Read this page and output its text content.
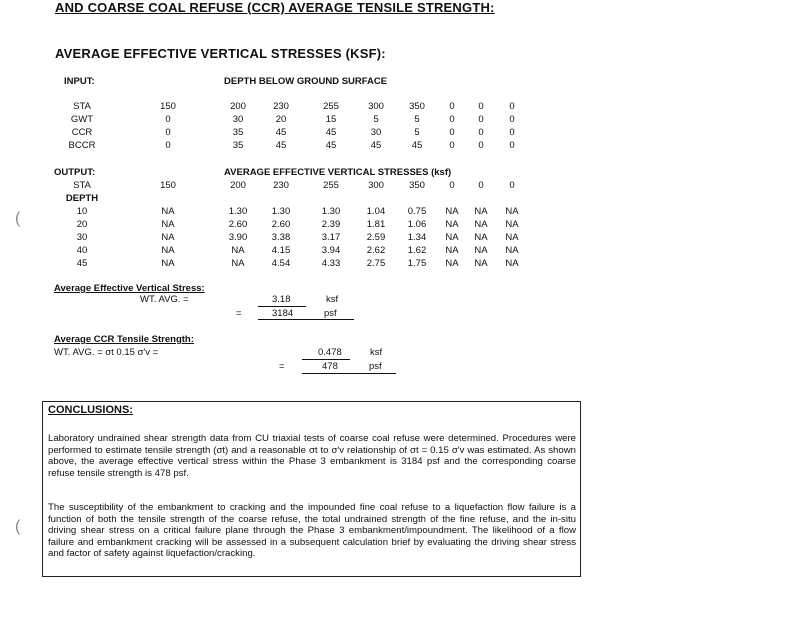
AND COARSE COAL REFUSE (CCR) AVERAGE TENSILE STRENGTH:
AVERAGE EFFECTIVE VERTICAL STRESSES (KSF):
INPUT:	DEPTH BELOW GROUND SURFACE
STA	150	200	230	255	300	350	0	0	0
GWT	0	30	20	15	5	5	0	0	0
CCR	0	35	45	45	30	5	0	0	0
BCCR	0	35	45	45	45	45	0	0	0
OUTPUT:	AVERAGE EFFECTIVE VERTICAL STRESSES (ksf)
STA	150	200	230	255	300	350	0	0	0
DEPTH
10	NA	1.30	1.30	1.30	1.04	0.75	NA	NA	NA
20	NA	2.60	2.60	2.39	1.81	1.06	NA	NA	NA
30	NA	3.90	3.38	3.17	2.59	1.34	NA	NA	NA
40	NA	NA	4.15	3.94	2.62	1.62	NA	NA	NA
45	NA	NA	4.54	4.33	2.75	1.75	NA	NA	NA
Average Effective Vertical Stress:
WT. AVG. =	3.18	ksf
=	3184	psf
Average CCR Tensile Strength:
WT. AVG. = σt 0.15 σ'v =	0.478	ksf
=	478	psf
CONCLUSIONS:
Laboratory undrained shear strength data from CU triaxial tests of coarse coal refuse were determined. Procedures were performed to estimate tensile strength (σt) and a reasonable σt to σ'v relationship of σt = 0.15 σ'v was estimated. As shown above, the average effective vertical stress within the Phase 3 embankment is 3184 psf and the corresponding coarse refuse tensile strength is 478 psf.
The susceptibility of the embankment to cracking and the impounded fine coal refuse to a liquefaction flow failure is a function of both the tensile strength of the coarse refuse, the total undrained strength of the fine refuse, and the in-situ driving shear stress on a critical failure plane through the Phase 3 embankment/impoundment. The likelihood of a flow failure and embankment cracking will be assessed in a subsequent calculation brief by evaluating the driving shear stress and factor of safety against liquefaction/cracking.
(
(
